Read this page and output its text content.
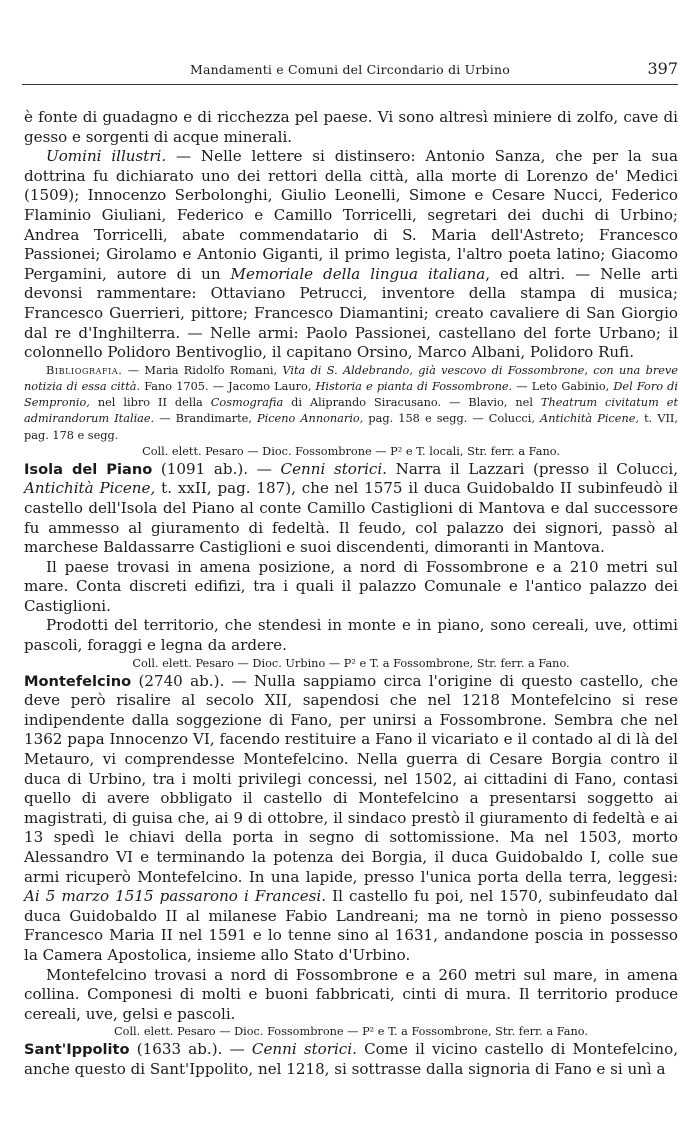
Mandamenti e Comuni del Circondario di Urbino	397

è fonte di guadagno e di ricchezza pel paese. Vi sono altresì miniere di zolfo, cave di gesso e sorgenti di acque minerali.

Uomini illustri. — Nelle lettere si distinsero: Antonio Sanza, che per la sua dottrina fu dichiarato uno dei rettori della città, alla morte di Lorenzo de' Medici (1509); Innocenzo Serbolonghi, Giulio Leonelli, Simone e Cesare Nucci, Federico Flaminio Giuliani, Federico e Camillo Torricelli, segretari dei duchi di Urbino; Andrea Torricelli, abate commendatario di S. Maria dell'Astreto; Francesco Passionei; Girolamo e Antonio Giganti, il primo legista, l'altro poeta latino; Giacomo Pergamini, autore di un Memoriale della lingua italiana, ed altri. — Nelle arti devonsi rammentare: Ottaviano Petrucci, inventore della stampa di musica; Francesco Guerrieri, pittore; Francesco Diamantini; creato cavaliere di San Giorgio dal re d'Inghilterra. — Nelle armi: Paolo Passionei, castellano del forte Urbano; il colonnello Polidoro Bentivoglio, il capitano Orsino, Marco Albani, Polidoro Rufi.

Bibliografia. — Maria Ridolfo Romani, Vita di S. Aldebrando, già vescovo di Fossombrone, con una breve notizia di essa città. Fano 1705. — Jacomo Lauro, Historia e pianta di Fossombrone. — Leto Gabinio, Del Foro di Sempronio, nel libro II della Cosmografia di Aliprando Siracusano. — Blavio, nel Theatrum civitatum et admirandorum Italiae. — Brandimarte, Piceno Annonario, pag. 158 e segg. — Colucci, Antichità Picene, t. VII, pag. 178 e segg.

Coll. elett. Pesaro — Dioc. Fossombrone — P² e T. locali, Str. ferr. a Fano.

Isola del Piano (1091 ab.). — Cenni storici. Narra il Lazzari (presso il Colucci, Antichità Picene, t. xxII, pag. 187), che nel 1575 il duca Guidobaldo II subinfeudò il castello dell'Isola del Piano al conte Camillo Castiglioni di Mantova e dal successore fu ammesso al giuramento di fedeltà. Il feudo, col palazzo dei signori, passò al marchese Baldassarre Castiglioni e suoi discendenti, dimoranti in Mantova.

Il paese trovasi in amena posizione, a nord di Fossombrone e a 210 metri sul mare. Conta discreti edifizi, tra i quali il palazzo Comunale e l'antico palazzo dei Castiglioni.

Prodotti del territorio, che stendesi in monte e in piano, sono cereali, uve, ottimi pascoli, foraggi e legna da ardere.

Coll. elett. Pesaro — Dioc. Urbino — P² e T. a Fossombrone, Str. ferr. a Fano.

Montefelcino (2740 ab.). — Nulla sappiamo circa l'origine di questo castello, che deve però risalire al secolo XII, sapendosi che nel 1218 Montefelcino si rese indipendente dalla soggezione di Fano, per unirsi a Fossombrone. Sembra che nel 1362 papa Innocenzo VI, facendo restituire a Fano il vicariato e il contado al di là del Metauro, vi comprendesse Montefelcino. Nella guerra di Cesare Borgia contro il duca di Urbino, tra i molti privilegi concessi, nel 1502, ai cittadini di Fano, contasi quello di avere obbligato il castello di Montefelcino a presentarsi soggetto ai magistrati, di guisa che, ai 9 di ottobre, il sindaco prestò il giuramento di fedeltà e ai 13 spedì le chiavi della porta in segno di sottomissione. Ma nel 1503, morto Alessandro VI e terminando la potenza dei Borgia, il duca Guidobaldo I, colle sue armi ricuperò Montefelcino. In una lapide, presso l'unica porta della terra, leggesi: Ai 5 marzo 1515 passarono i Francesi. Il castello fu poi, nel 1570, subinfeudato dal duca Guidobaldo II al milanese Fabio Landreani; ma ne tornò in pieno possesso Francesco Maria II nel 1591 e lo tenne sino al 1631, andandone poscia in possesso la Camera Apostolica, insieme allo Stato d'Urbino.

Montefelcino trovasi a nord di Fossombrone e a 260 metri sul mare, in amena collina. Componesi di molti e buoni fabbricati, cinti di mura. Il territorio produce cereali, uve, gelsi e pascoli.

Coll. elett. Pesaro — Dioc. Fossombrone — P² e T. a Fossombrone, Str. ferr. a Fano.

Sant'Ippolito (1633 ab.). — Cenni storici. Come il vicino castello di Montefelcino, anche questo di Sant'Ippolito, nel 1218, si sottrasse dalla signoria di Fano e si unì a
